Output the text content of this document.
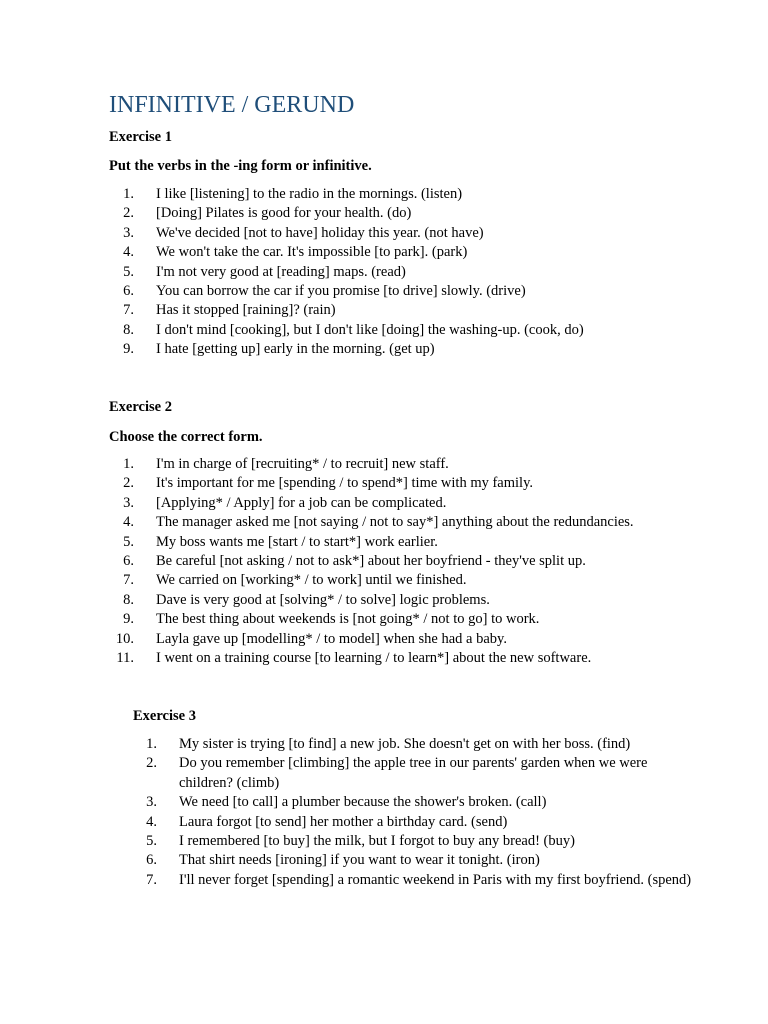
INFINITIVE / GERUND
Exercise 1
Put the verbs in the -ing form or infinitive.
1. I like [listening] to the radio in the mornings. (listen)
2. [Doing] Pilates is good for your health. (do)
3. We've decided [not to have] holiday this year. (not have)
4. We won't take the car. It's impossible [to park]. (park)
5. I'm not very good at [reading] maps. (read)
6. You can borrow the car if you promise [to drive] slowly. (drive)
7. Has it stopped [raining]? (rain)
8. I don't mind [cooking], but I don't like [doing] the washing-up. (cook, do)
9. I hate [getting up] early in the morning. (get up)
Exercise 2
Choose the correct form.
1. I'm in charge of [recruiting* / to recruit] new staff.
2. It's important for me [spending / to spend*] time with my family.
3. [Applying* / Apply] for a job can be complicated.
4. The manager asked me [not saying / not to say*] anything about the redundancies.
5. My boss wants me [start / to start*] work earlier.
6. Be careful [not asking / not to ask*] about her boyfriend - they've split up.
7. We carried on [working* / to work] until we finished.
8. Dave is very good at [solving* / to solve] logic problems.
9. The best thing about weekends is [not going* / not to go] to work.
10. Layla gave up [modelling* / to model] when she had a baby.
11. I went on a training course [to learning / to learn*] about the new software.
Exercise 3
1. My sister is trying [to find] a new job. She doesn't get on with her boss. (find)
2. Do you remember [climbing] the apple tree in our parents' garden when we were children? (climb)
3. We need [to call] a plumber because the shower's broken. (call)
4. Laura forgot [to send] her mother a birthday card. (send)
5. I remembered [to buy] the milk, but I forgot to buy any bread! (buy)
6. That shirt needs [ironing] if you want to wear it tonight. (iron)
7. I'll never forget [spending] a romantic weekend in Paris with my first boyfriend. (spend)
